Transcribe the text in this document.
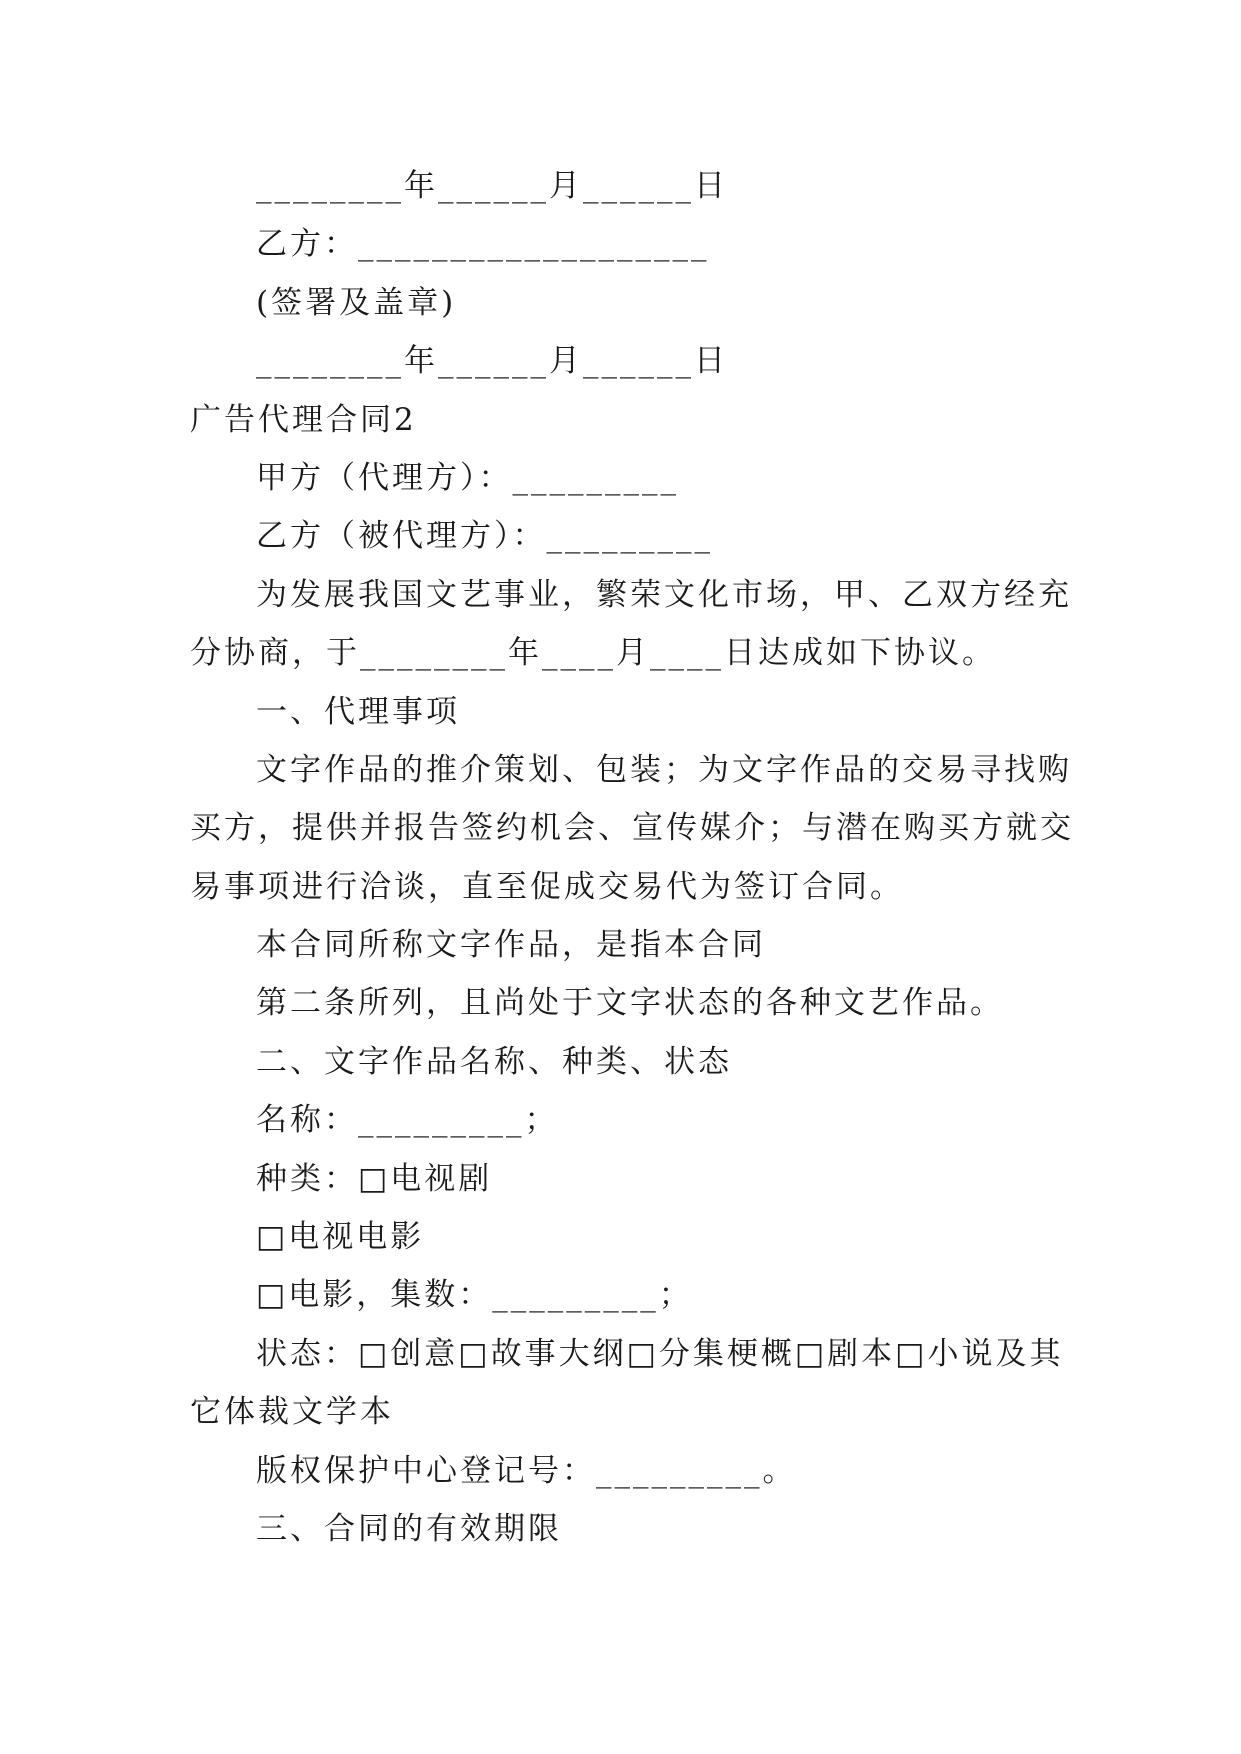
________年______月______日
乙方：___________________
(签署及盖章)
________年______月______日
广告代理合同2
甲方（代理方）：_________
乙方（被代理方）：_________
为发展我国文艺事业，繁荣文化市场，甲、乙双方经充
分协商，于________年____月____日达成如下协议。
一、代理事项
文字作品的推介策划、包装；为文字作品的交易寻找购
买方，提供并报告签约机会、宣传媒介；与潜在购买方就交
易事项进行洽谈，直至促成交易代为签订合同。
本合同所称文字作品，是指本合同
第二条所列，且尚处于文字状态的各种文艺作品。
二、文字作品名称、种类、状态
名称：_________；
种类：□电视剧
□电视电影
□电影，集数：_________；
状态：□创意□故事大纲□分集梗概□剧本□小说及其
它体裁文学本
版权保护中心登记号：_________。
三、合同的有效期限
